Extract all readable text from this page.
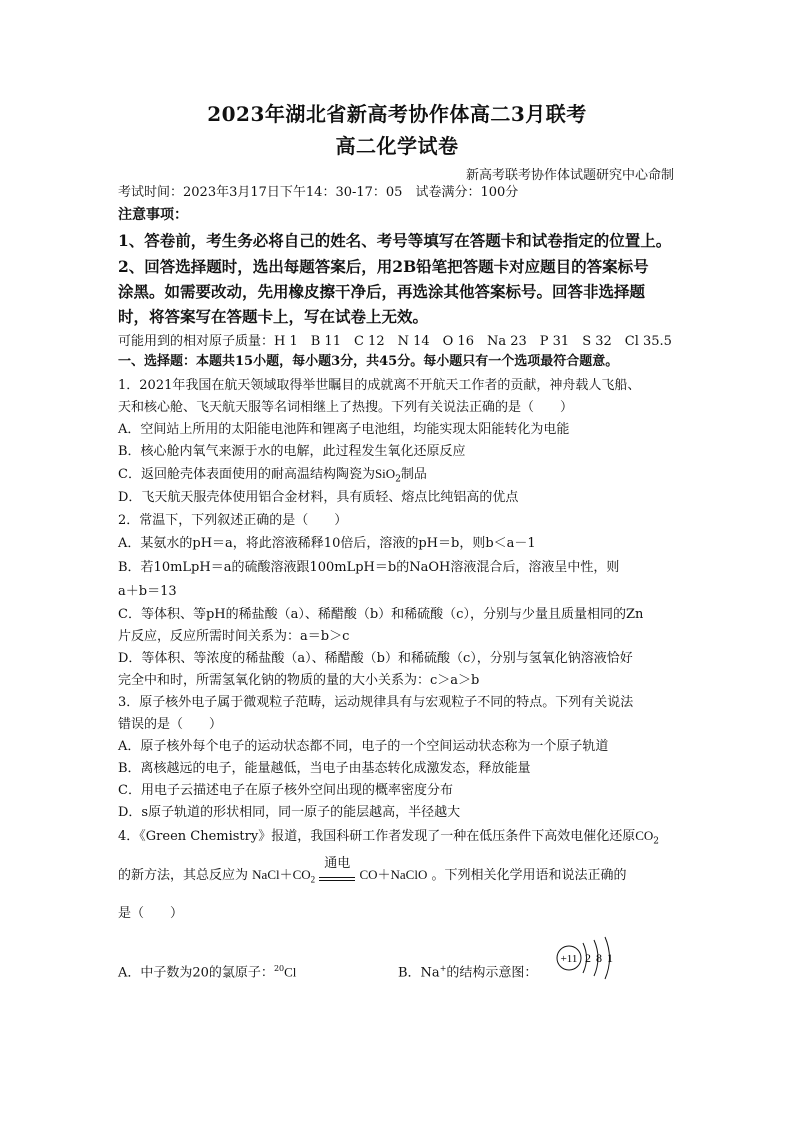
2023年湖北省新高考协作体高二3月联考
高二化学试卷
新高考联考协作体试题研究中心命制
考试时间：2023年3月17日下午14：30-17：05　试卷满分：100分
注意事项：
1、答卷前，考生务必将自己的姓名、考号等填写在答题卡和试卷指定的位置上。
2、回答选择题时，选出每题答案后，用2B铅笔把答题卡对应题目的答案标号
涂黑。如需要改动，先用橡皮擦干净后，再选涂其他答案标号。回答非选择题
时，将答案写在答题卡上，写在试卷上无效。
可能用到的相对原子质量：H 1　B 11　C 12　N 14　O 16　Na 23　P 31　S 32　Cl 35.5
一、选择题：本题共15小题，每小题3分，共45分。每小题只有一个选项最符合题意。
1．2021年我国在航天领域取得举世瞩目的成就离不开航天工作者的贡献，神舟载人飞船、
天和核心舱、飞天航天服等名词相继上了热搜。下列有关说法正确的是（　　）
A．空间站上所用的太阳能电池阵和锂离子电池组，均能实现太阳能转化为电能
B．核心舱内氧气来源于水的电解，此过程发生氧化还原反应
C．返回舱壳体表面使用的耐高温结构陶瓷为SiO$_2$制品
D．飞天航天服壳体使用铝合金材料，具有质轻、熔点比纯铝高的优点
2．常温下，下列叙述正确的是（　　）
A．某氨水的pH＝a，将此溶液稀释10倍后，溶液的pH＝b，则b＜a－1
B．若10mLpH＝a的硫酸溶液跟100mLpH＝b的NaOH溶液混合后，溶液呈中性，则
a＋b＝13
C．等体积、等pH的稀盐酸（a）、稀醋酸（b）和稀硫酸（c），分别与少量且质量相同的Zn
片反应，反应所需时间关系为：a＝b＞c
D．等体积、等浓度的稀盐酸（a）、稀醋酸（b）和稀硫酸（c），分别与氢氧化钠溶液恰好
完全中和时，所需氢氧化钠的物质的量的大小关系为：c＞a＞b
3．原子核外电子属于微观粒子范畴，运动规律具有与宏观粒子不同的特点。下列有关说法
错误的是（　　）
A．原子核外每个电子的运动状态都不同，电子的一个空间运动状态称为一个原子轨道
B．离核越远的电子，能量越低，当电子由基态转化成激发态，释放能量
C．用电子云描述电子在原子核外空间出现的概率密度分布
D．s原子轨道的形状相同，同一原子的能层越高，半径越大
4．《Green Chemistry》报道，我国科研工作者发现了一种在低压条件下高效电催化还原$CO_2$
的新方法，其总反应为 $NaCl+CO_2$
通电
CO＋NaClO 。下列相关化学用语和说法正确的
是（　　）
A．中子数为20的氯原子：$^{20}$Cl	B．Na+的结构示意图：
+11 2 8 1
